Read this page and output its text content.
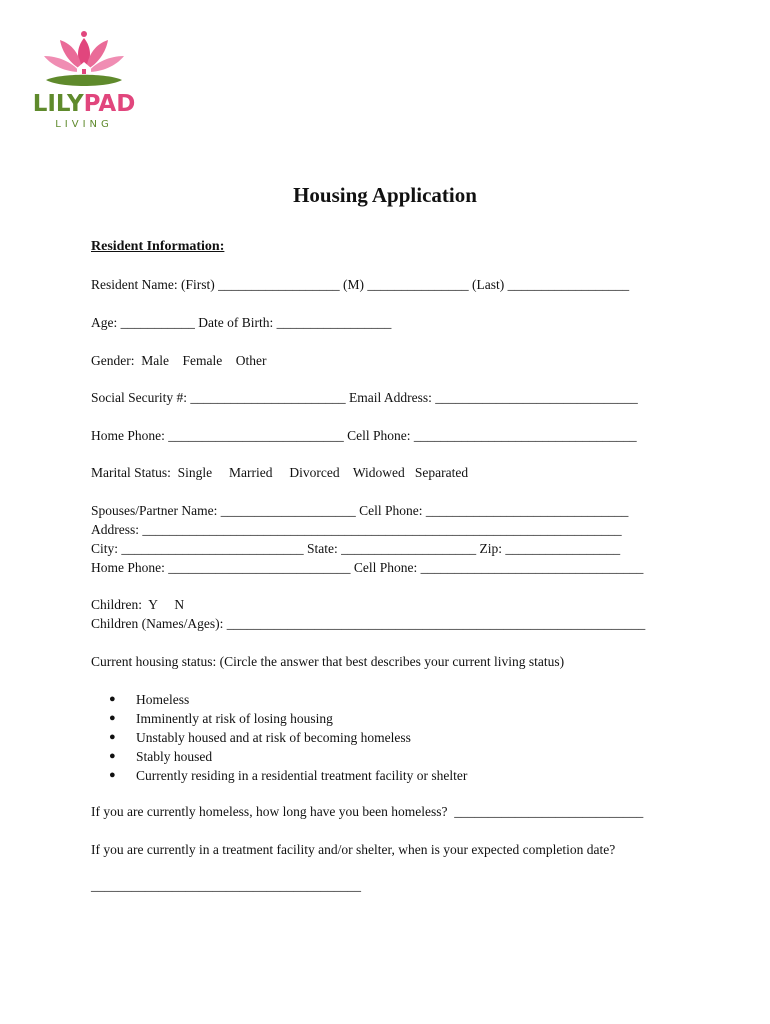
LILYPAD
LIVING
Housing Application
Resident Information:
Resident Name: (First) __________________ (M) _______________ (Last) __________________
Age: ___________ Date of Birth: _________________
Gender:  Male    Female    Other
Social Security #: _______________________ Email Address: ______________________________
Home Phone: __________________________ Cell Phone: _________________________________
Marital Status:  Single     Married     Divorced    Widowed   Separated
Spouses/Partner Name: ____________________ Cell Phone: ______________________________
Address: _______________________________________________________________________
City: ___________________________ State: ____________________ Zip: _________________
Home Phone: ___________________________ Cell Phone: _________________________________
Children:  Y     N
Children (Names/Ages): ______________________________________________________________
Current housing status: (Circle the answer that best describes your current living status)
●	Homeless
●	Imminently at risk of losing housing
●	Unstably housed and at risk of becoming homeless
●	Stably housed
●	Currently residing in a residential treatment facility or shelter
If you are currently homeless, how long have you been homeless?  ____________________________
If you are currently in a treatment facility and/or shelter, when is your expected completion date?
________________________________________
